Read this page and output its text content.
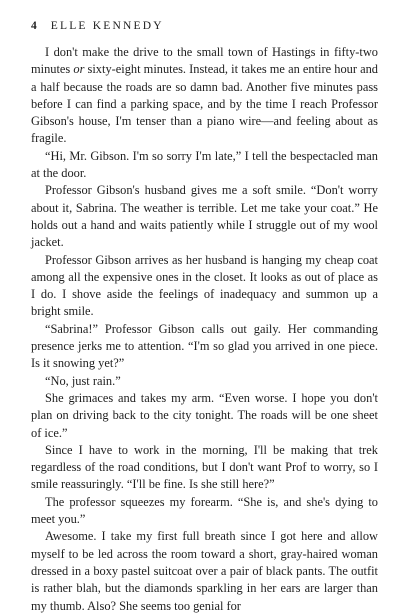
4 ELLE KENNEDY

I don't make the drive to the small town of Hastings in fifty-two minutes or sixty-eight minutes. Instead, it takes me an entire hour and a half because the roads are so damn bad. Another five minutes pass before I can find a parking space, and by the time I reach Professor Gibson's house, I'm tenser than a piano wire—and feeling about as fragile.

“Hi, Mr. Gibson. I'm so sorry I'm late,” I tell the bespectacled man at the door.

Professor Gibson's husband gives me a soft smile. “Don't worry about it, Sabrina. The weather is terrible. Let me take your coat.” He holds out a hand and waits patiently while I struggle out of my wool jacket.

Professor Gibson arrives as her husband is hanging my cheap coat among all the expensive ones in the closet. It looks as out of place as I do. I shove aside the feelings of inadequacy and summon up a bright smile.

“Sabrina!” Professor Gibson calls out gaily. Her commanding presence jerks me to attention. “I'm so glad you arrived in one piece. Is it snowing yet?”

“No, just rain.”

She grimaces and takes my arm. “Even worse. I hope you don't plan on driving back to the city tonight. The roads will be one sheet of ice.”

Since I have to work in the morning, I'll be making that trek regardless of the road conditions, but I don't want Prof to worry, so I smile reassuringly. “I'll be fine. Is she still here?”

The professor squeezes my forearm. “She is, and she's dying to meet you.”

Awesome. I take my first full breath since I got here and allow myself to be led across the room toward a short, gray-haired woman dressed in a boxy pastel suitcoat over a pair of black pants. The outfit is rather blah, but the diamonds sparkling in her ears are larger than my thumb. Also? She seems too genial for
